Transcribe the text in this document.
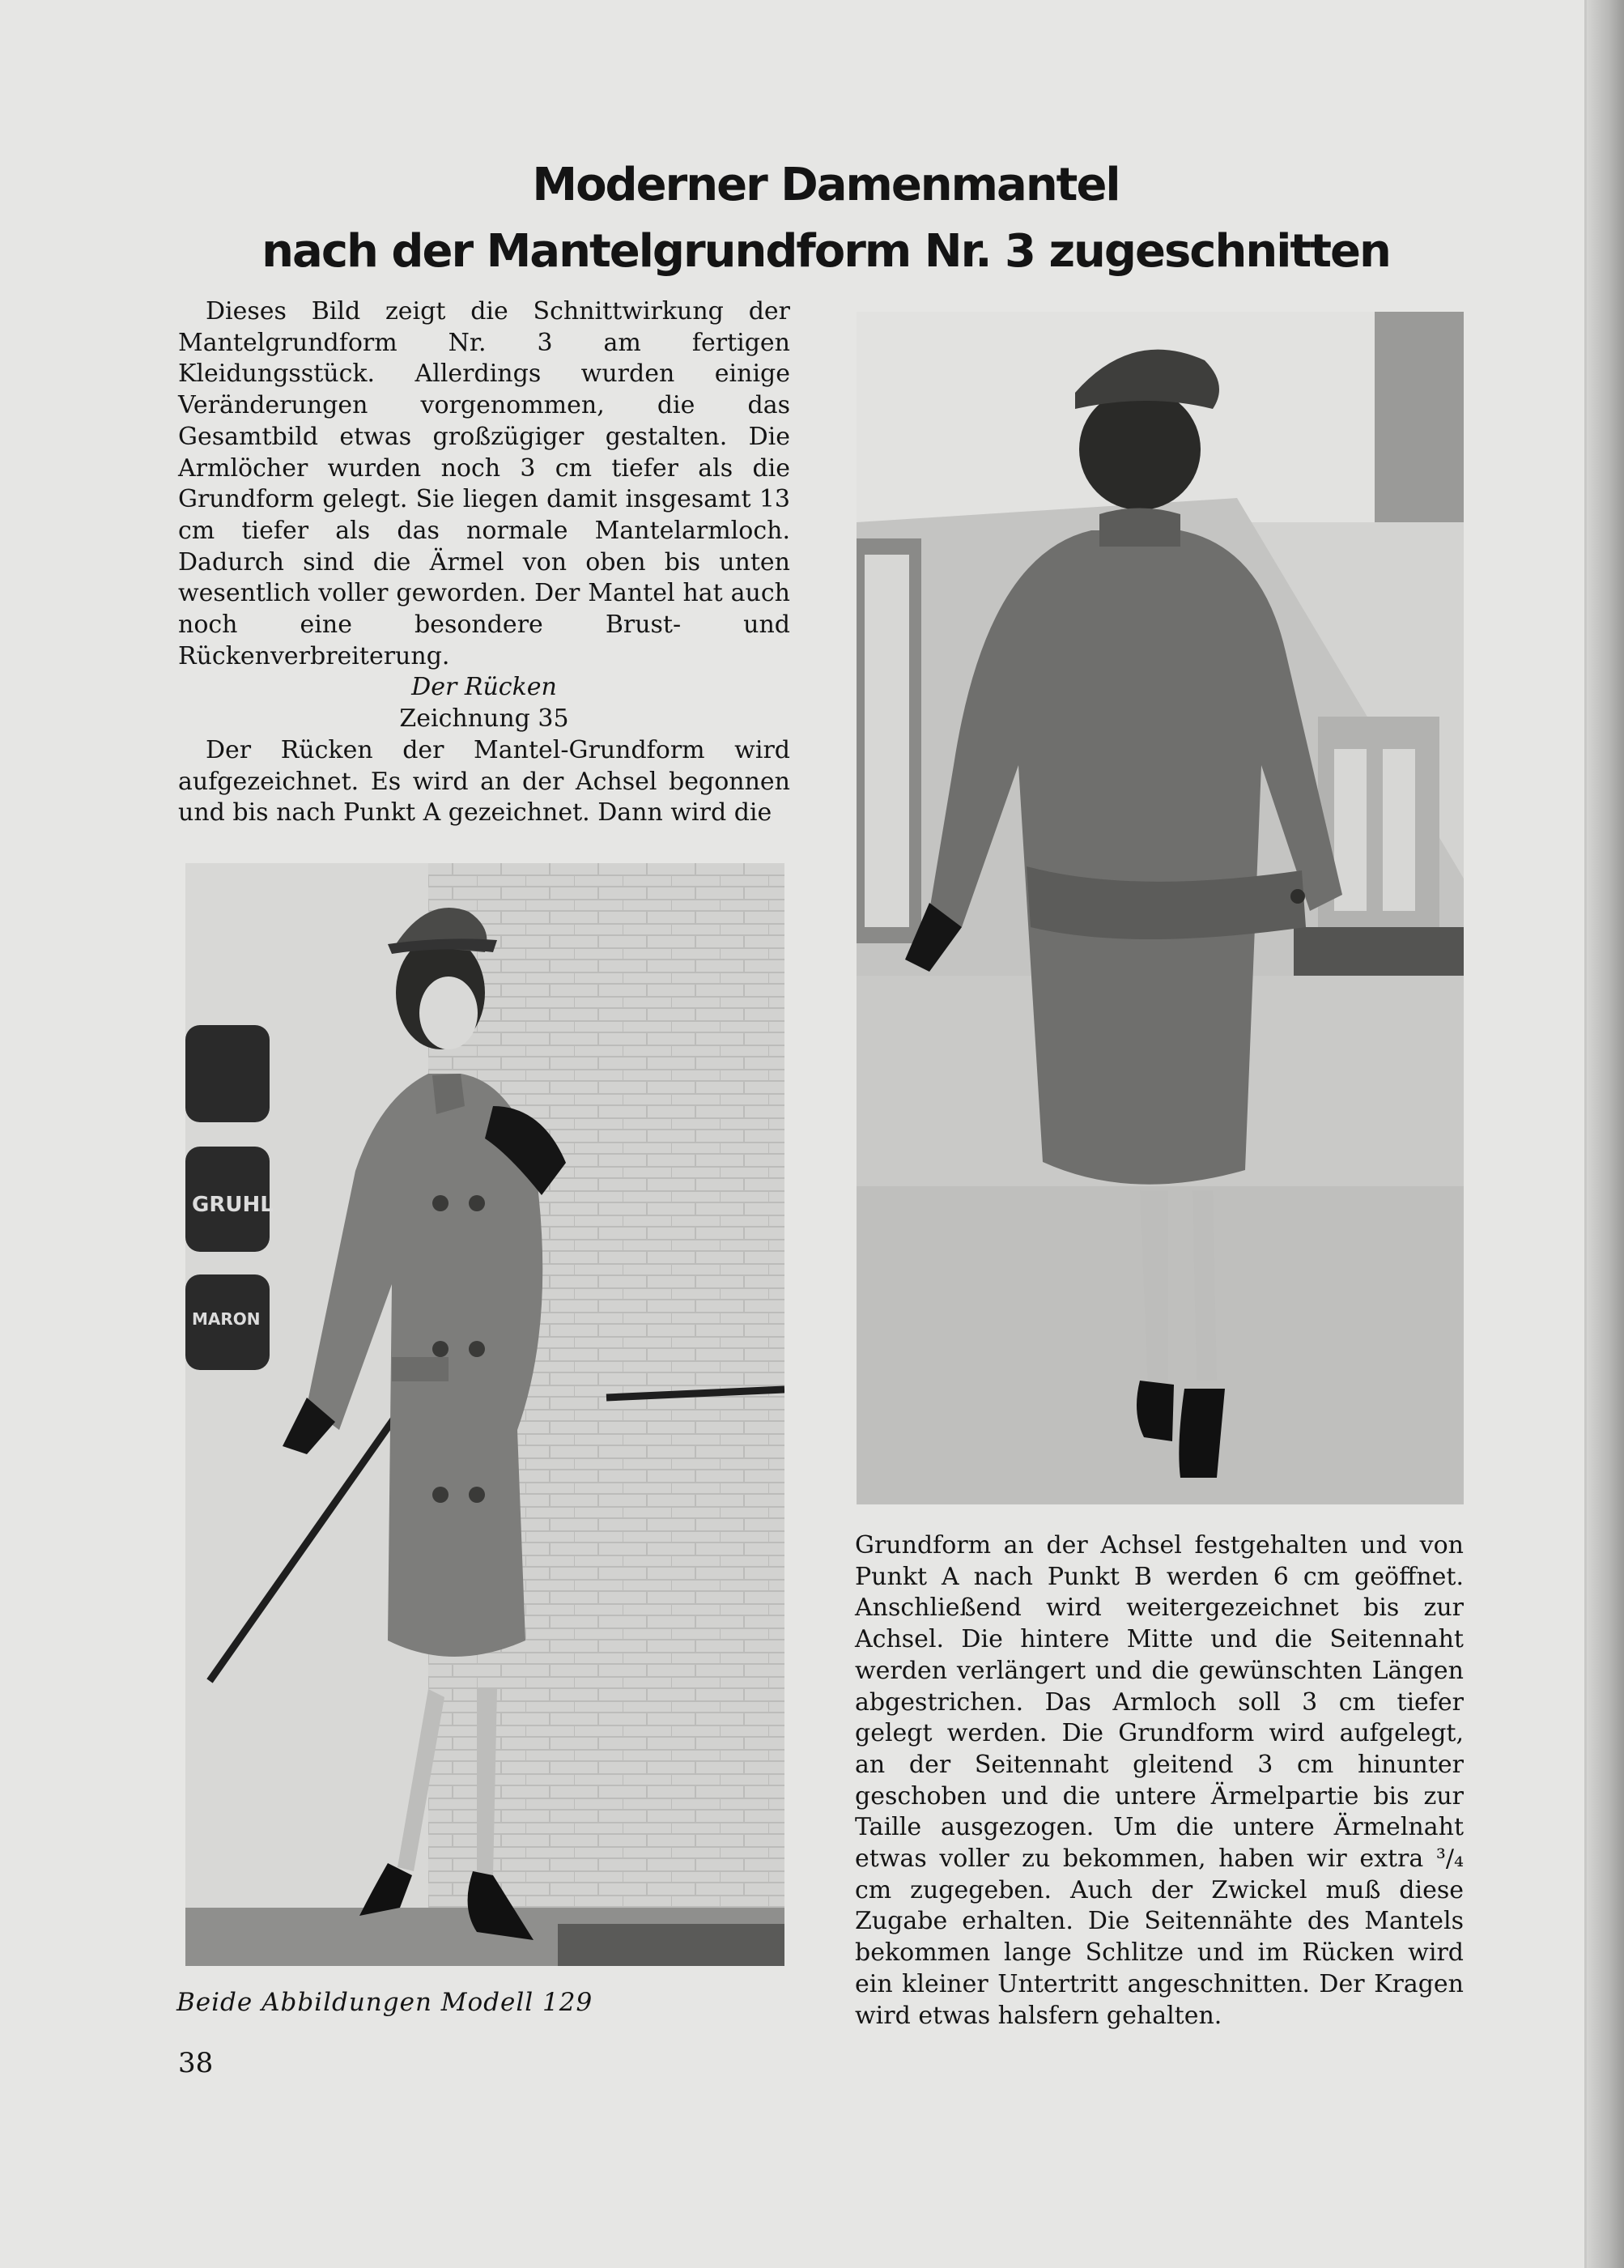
Moderner Damenmantel
nach der Mantelgrundform Nr. 3 zugeschnitten

Dieses Bild zeigt die Schnittwirkung der Mantelgrundform Nr. 3 am fertigen Kleidungsstück. Allerdings wurden einige Veränderungen vorgenommen, die das Gesamtbild etwas großzügiger gestalten. Die Armlöcher wurden noch 3 cm tiefer als die Grundform gelegt. Sie liegen damit insgesamt 13 cm tiefer als das normale Mantelarmloch. Dadurch sind die Ärmel von oben bis unten wesentlich voller geworden. Der Mantel hat auch noch eine besondere Brust- und Rückenverbreiterung.

Der Rücken
Zeichnung 35

Der Rücken der Mantel-Grundform wird aufgezeichnet. Es wird an der Achsel begonnen und bis nach Punkt A gezeichnet. Dann wird die

GRUHL
MARON

Grundform an der Achsel festgehalten und von Punkt A nach Punkt B werden 6 cm geöffnet. Anschließend wird weitergezeichnet bis zur Achsel. Die hintere Mitte und die Seitennaht werden verlängert und die gewünschten Längen abgestrichen. Das Armloch soll 3 cm tiefer gelegt werden. Die Grundform wird aufgelegt, an der Seitennaht gleitend 3 cm hinunter geschoben und die untere Ärmelpartie bis zur Taille ausgezogen. Um die untere Ärmelnaht etwas voller zu bekommen, haben wir extra ³/₄ cm zugegeben. Auch der Zwickel muß diese Zugabe erhalten. Die Seitennähte des Mantels bekommen lange Schlitze und im Rücken wird ein kleiner Untertritt angeschnitten. Der Kragen wird etwas halsfern gehalten.

Beide Abbildungen Modell 129
38
